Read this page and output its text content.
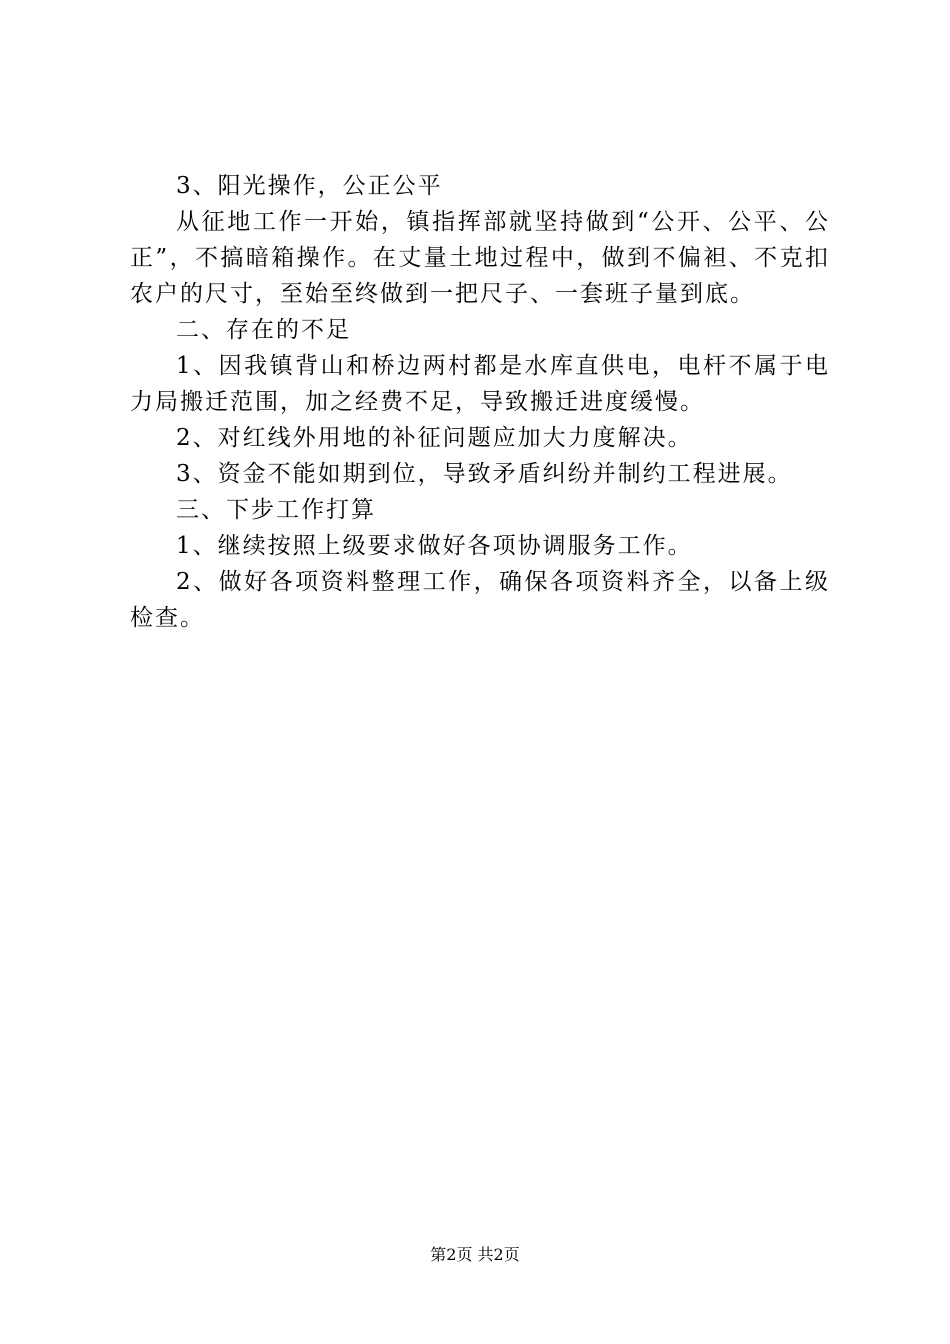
3、阳光操作，公正公平

从征地工作一开始，镇指挥部就坚持做到“公开、公平、公正”，不搞暗箱操作。在丈量土地过程中，做到不偏袒、不克扣农户的尺寸，至始至终做到一把尺子、一套班子量到底。

二、存在的不足

1、因我镇背山和桥边两村都是水库直供电，电杆不属于电力局搬迁范围，加之经费不足，导致搬迁进度缓慢。

2、对红线外用地的补征问题应加大力度解决。

3、资金不能如期到位，导致矛盾纠纷并制约工程进展。

三、下步工作打算

1、继续按照上级要求做好各项协调服务工作。

2、做好各项资料整理工作，确保各项资料齐全，以备上级检查。

第2页 共2页
